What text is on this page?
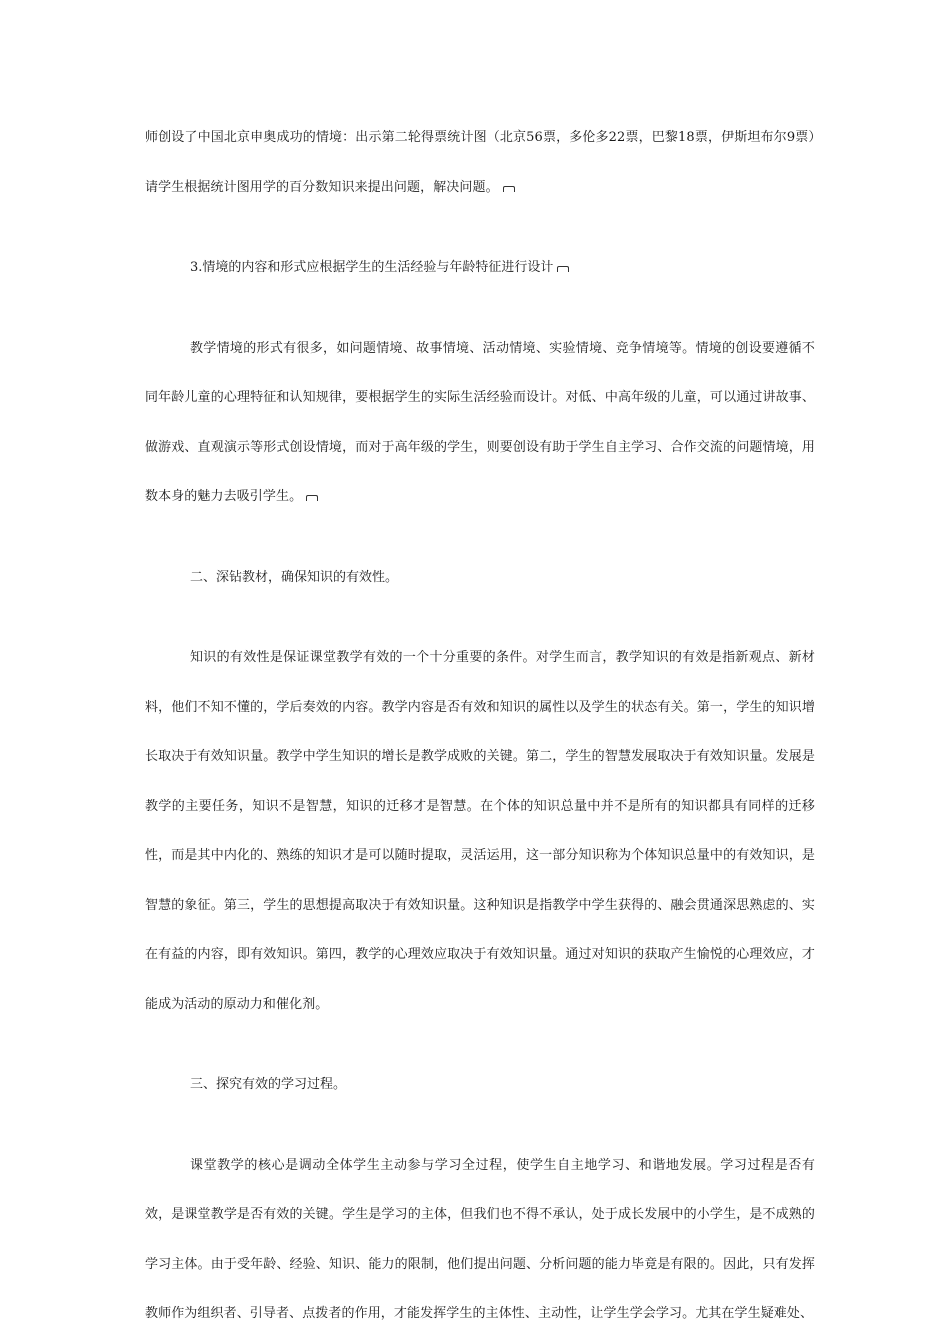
师创设了中国北京申奥成功的情境：出示第二轮得票统计图（北京56票，多伦多22票，巴黎18票，伊斯坦布尔9票）请学生根据统计图用学的百分数知识来提出问题，解决问题。

3.情境的内容和形式应根据学生的生活经验与年龄特征进行设计

教学情境的形式有很多，如问题情境、故事情境、活动情境、实验情境、竞争情境等。情境的创设要遵循不同年龄儿童的心理特征和认知规律，要根据学生的实际生活经验而设计。对低、中高年级的儿童，可以通过讲故事、做游戏、直观演示等形式创设情境，而对于高年级的学生，则要创设有助于学生自主学习、合作交流的问题情境，用数本身的魅力去吸引学生。

二、深钻教材，确保知识的有效性。

知识的有效性是保证课堂教学有效的一个十分重要的条件。对学生而言，教学知识的有效是指新观点、新材料，他们不知不懂的，学后奏效的内容。教学内容是否有效和知识的属性以及学生的状态有关。第一，学生的知识增长取决于有效知识量。教学中学生知识的增长是教学成败的关键。第二，学生的智慧发展取决于有效知识量。发展是教学的主要任务，知识不是智慧，知识的迁移才是智慧。在个体的知识总量中并不是所有的知识都具有同样的迁移性，而是其中内化的、熟练的知识才是可以随时提取，灵活运用，这一部分知识称为个体知识总量中的有效知识，是智慧的象征。第三，学生的思想提高取决于有效知识量。这种知识是指教学中学生获得的、融会贯通深思熟虑的、实在有益的内容，即有效知识。第四，教学的心理效应取决于有效知识量。通过对知识的获取产生愉悦的心理效应，才能成为活动的原动力和催化剂。

三、探究有效的学习过程。

课堂教学的核心是调动全体学生主动参与学习全过程，使学生自主地学习、和谐地发展。学习过程是否有效，是课堂教学是否有效的关键。学生是学习的主体，但我们也不得不承认，处于成长发展中的小学生，是不成熟的学习主体。由于受年龄、经验、知识、能力的限制，他们提出问题、分析问题的能力毕竟是有限的。因此，只有发挥教师作为组织者、引导者、点拨者的作用，才能发挥学生的主体性、主动性，让学生学会学习。尤其在学生疑难处、
